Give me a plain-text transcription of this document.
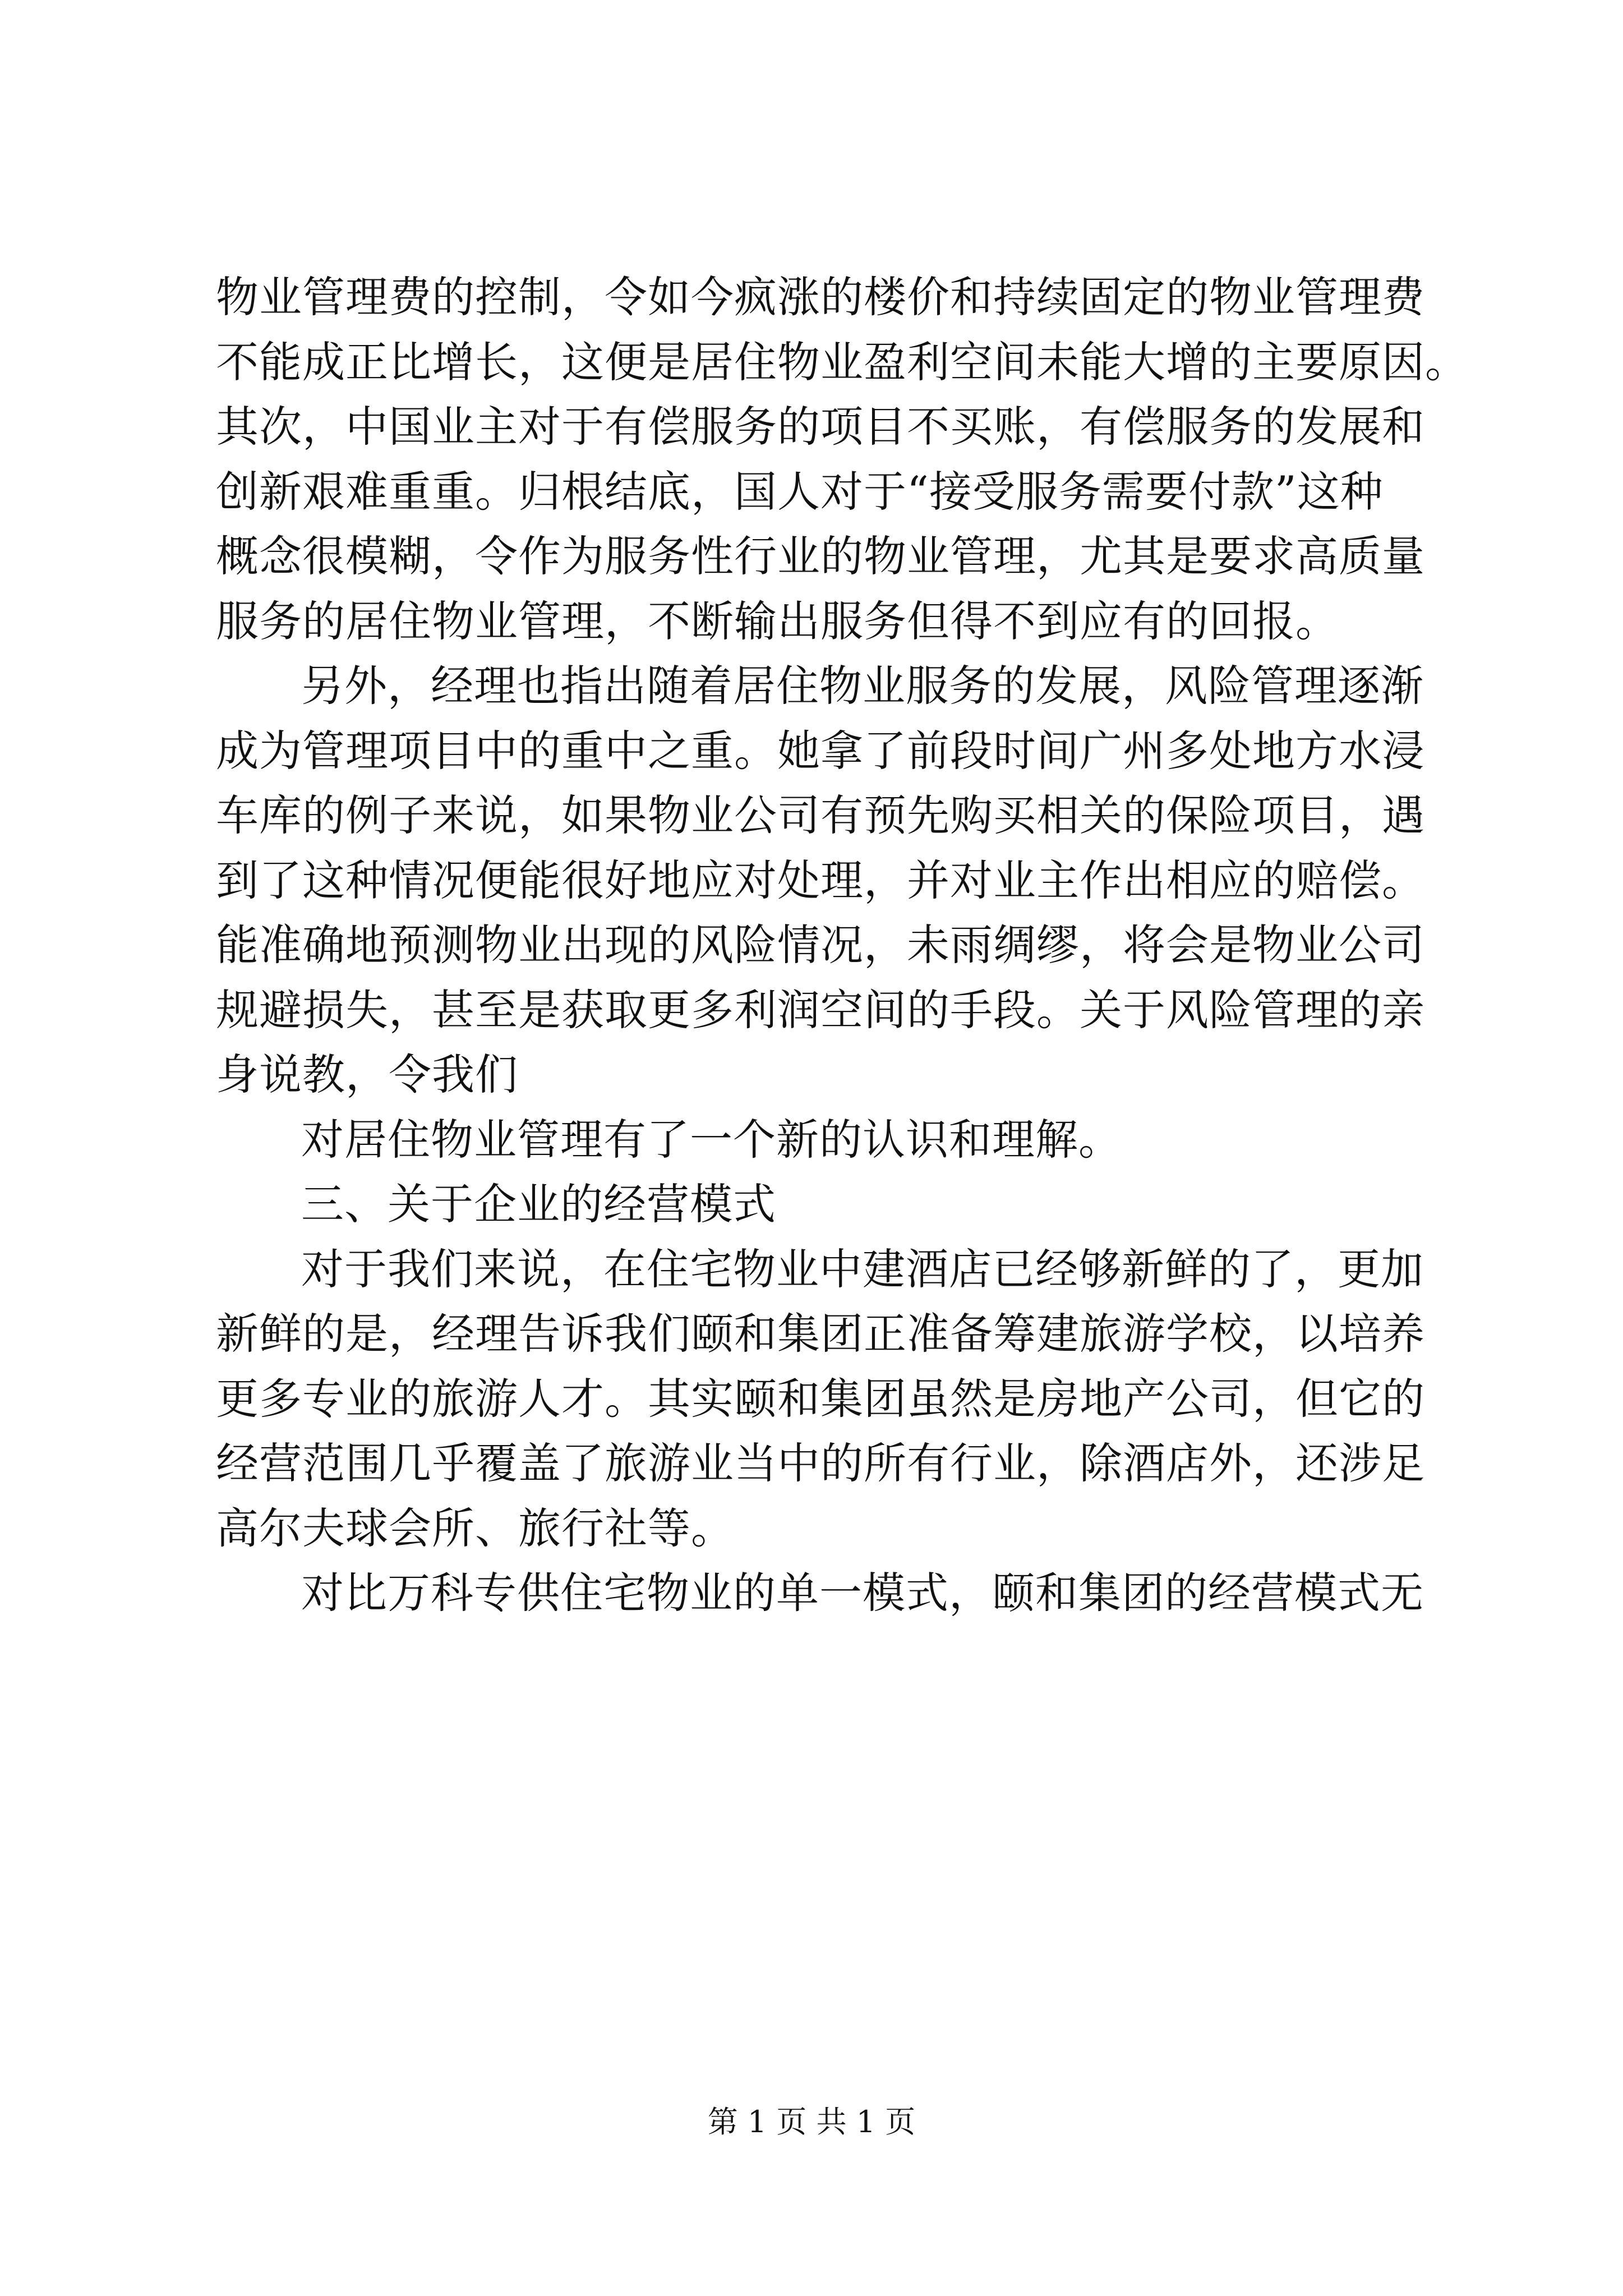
物业管理费的控制，令如今疯涨的楼价和持续固定的物业管理费
不能成正比增长，这便是居住物业盈利空间未能大增的主要原因。
其次，中国业主对于有偿服务的项目不买账，有偿服务的发展和
创新艰难重重。归根结底，国人对于“接受服务需要付款”这种
概念很模糊，令作为服务性行业的物业管理，尤其是要求高质量
服务的居住物业管理，不断输出服务但得不到应有的回报。
另外，经理也指出随着居住物业服务的发展，风险管理逐渐
成为管理项目中的重中之重。她拿了前段时间广州多处地方水浸
车库的例子来说，如果物业公司有预先购买相关的保险项目，遇
到了这种情况便能很好地应对处理，并对业主作出相应的赔偿。
能准确地预测物业出现的风险情况，未雨绸缪，将会是物业公司
规避损失，甚至是获取更多利润空间的手段。关于风险管理的亲
身说教，令我们
对居住物业管理有了一个新的认识和理解。
三、关于企业的经营模式
对于我们来说，在住宅物业中建酒店已经够新鲜的了，更加
新鲜的是，经理告诉我们颐和集团正准备筹建旅游学校，以培养
更多专业的旅游人才。其实颐和集团虽然是房地产公司，但它的
经营范围几乎覆盖了旅游业当中的所有行业，除酒店外，还涉足
高尔夫球会所、旅行社等。
对比万科专供住宅物业的单一模式，颐和集团的经营模式无
第 1 页 共 1 页
